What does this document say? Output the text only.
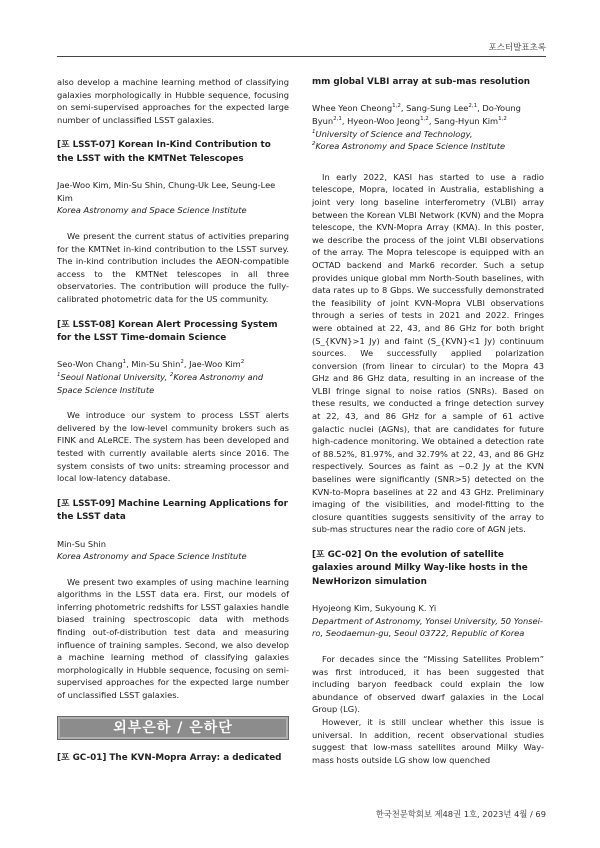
포스터발표초록

also develop a machine learning method of classifying galaxies morphologically in Hubble sequence, focusing on semi-supervised approaches for the expected large number of unclassified LSST galaxies.

[포 LSST-07] Korean In-Kind Contribution to the LSST with the KMTNet Telescopes

Jae-Woo Kim, Min-Su Shin, Chung-Uk Lee, Seung-Lee Kim

Korea Astronomy and Space Science Institute

We present the current status of activities preparing for the KMTNet in-kind contribution to the LSST survey. The in-kind contribution includes the AEON-compatible access to the KMTNet telescopes in all three observatories. The contribution will produce the fully-calibrated photometric data for the US community.

[포 LSST-08] Korean Alert Processing System for the LSST Time-domain Science

Seo-Won Chang$^1$, Min-Su Shin$^2$, Jae-Woo Kim$^2$

$^1$Seoul National University, $^2$Korea Astronomy and Space Science Institute

We introduce our system to process LSST alerts delivered by the low-level community brokers such as FINK and ALeRCE. The system has been developed and tested with currently available alerts since 2016. The system consists of two units: streaming processor and local low-latency database.

[포 LSST-09] Machine Learning Applications for the LSST data

Min-Su Shin

Korea Astronomy and Space Science Institute

We present two examples of using machine learning algorithms in the LSST data era. First, our models of inferring photometric redshifts for LSST galaxies handle biased training spectroscopic data with methods finding out-of-distribution test data and measuring influence of training samples. Second, we also develop a machine learning method of classifying galaxies morphologically in Hubble sequence, focusing on semi-supervised approaches for the expected large number of unclassified LSST galaxies.

외부은하 / 은하단

[포 GC-01] The KVN-Mopra Array: a dedicated

mm global VLBI array at sub-mas resolution

Whee Yeon Cheong$^{1,2}$, Sang-Sung Lee$^{2,1}$, Do-Young Byun$^{2,1}$, Hyeon-Woo Jeong$^{1,2}$, Sang-Hyun Kim$^{1,2}$

$^1$University of Science and Technology,

$^2$Korea Astronomy and Space Science Institute

In early 2022, KASI has started to use a radio telescope, Mopra, located in Australia, establishing a joint very long baseline interferometry (VLBI) array between the Korean VLBI Network (KVN) and the Mopra telescope, the KVN-Mopra Array (KMA). In this poster, we describe the process of the joint VLBI observations of the array. The Mopra telescope is equipped with an OCTAD backend and Mark6 recorder. Such a setup provides unique global mm North-South baselines, with data rates up to 8 Gbps. We successfully demonstrated the feasibility of joint KVN-Mopra VLBI observations through a series of tests in 2021 and 2022. Fringes were obtained at 22, 43, and 86 GHz for both bright (S_{KVN}>1 Jy) and faint (S_{KVN}<1 Jy) continuum sources. We successfully applied polarization conversion (from linear to circular) to the Mopra 43 GHz and 86 GHz data, resulting in an increase of the VLBI fringe signal to noise ratios (SNRs). Based on these results, we conducted a fringe detection survey at 22, 43, and 86 GHz for a sample of 61 active galactic nuclei (AGNs), that are candidates for future high-cadence monitoring. We obtained a detection rate of 88.52%, 81.97%, and 32.79% at 22, 43, and 86 GHz respectively. Sources as faint as ~0.2 Jy at the KVN baselines were significantly (SNR>5) detected on the KVN-to-Mopra baselines at 22 and 43 GHz. Preliminary imaging of the visibilities, and model-fitting to the closure quantities suggests sensitivity of the array to sub-mas structures near the radio core of AGN jets.

[포 GC-02] On the evolution of satellite galaxies around Milky Way-like hosts in the NewHorizon simulation

Hyojeong Kim, Sukyoung K. Yi

Department of Astronomy, Yonsei University, 50 Yonsei-ro, Seodaemun-gu, Seoul 03722, Republic of Korea

For decades since the “Missing Satellites Problem” was first introduced, it has been suggested that including baryon feedback could explain the low abundance of observed dwarf galaxies in the Local Group (LG).

However, it is still unclear whether this issue is universal. In addition, recent observational studies suggest that low-mass satellites around Milky Way-mass hosts outside LG show low quenched

한국천문학회보 제48권 1호, 2023년 4월 / 69
